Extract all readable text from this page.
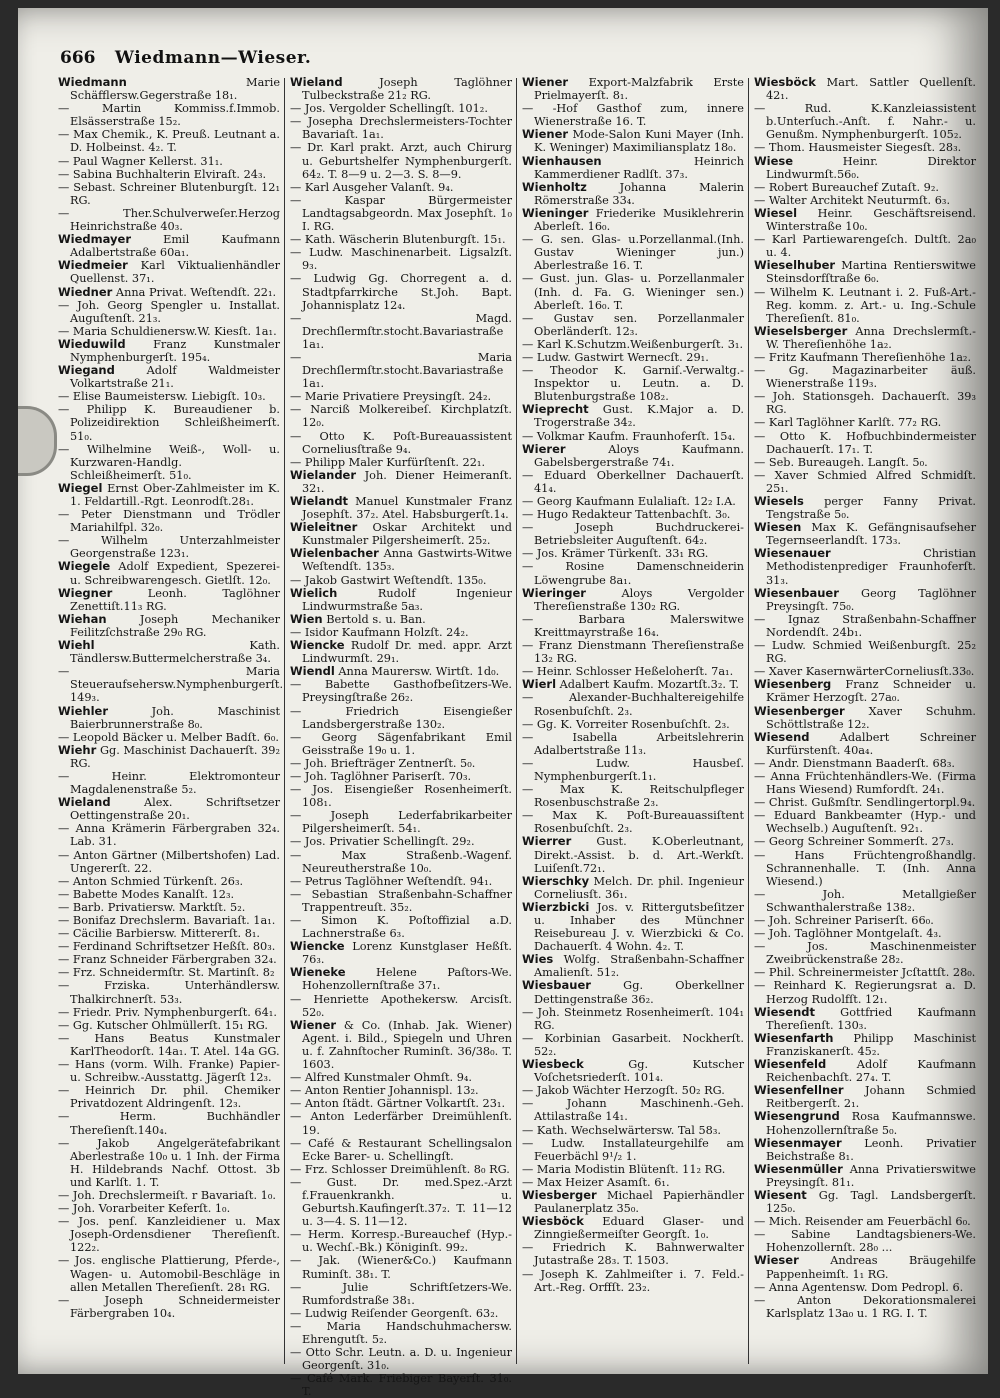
666 Wiedmann—Wieser.

Wiedmann Marie Schäfflersw.Gegerstraße 18₁.

— Martin Kommiss.f.Immob. Elsässerstraße 15₂.

— Max Chemik., K. Preuß. Leutnant a. D. Holbeinst. 4₂. T.

— Paul Wagner Kellerst. 31₁.

— Sabina Buchhalterin Elviraſt. 24₃.

— Sebast. Schreiner Blutenburgſt. 12₁ RG.

— Ther.Schulverweſer.Herzog Heinrichstraße 40₃.

Wiedmayer Emil Kaufmann Adalbertstraße 60a₁.

Wiedmeier Karl Viktualienhändler Quellenst. 37₁.

Wiedner Anna Privat. Weſtendſt. 22₁.

— Joh. Georg Spengler u. Installat. Auguſtenſt. 21₃.

— Maria Schuldienersw.W. Kiesſt. 1a₁.

Wieduwild Franz Kunstmaler Nymphenburgerſt. 195₄.

Wiegand Adolf Waldmeister Volkartstraße 21₁.

— Elise Baumeistersw. Liebigſt. 10₃.

— Philipp K. Bureaudiener b. Polizeidirektion Schleißheimerſt. 51₀.

— Wilhelmine Weiß-, Woll- u. Kurzwaren-Handlg. Schleißheimerſt. 51₀.

Wiegel Ernst Ober-Zahlmeister im K. 1. Feldartill.-Rgt. Leonrodſt.28₁.

— Peter Dienstmann und Trödler Mariahilfpl. 32₀.

— Wilhelm Unterzahlmeister Georgenstraße 123₁.

Wiegele Adolf Expedient, Spezerei- u. Schreibwarengesch. Gietlſt. 12₀.

Wiegner Leonh. Taglöhner Zenettiſt.11₃ RG.

Wiehan Joseph Mechaniker Feilitzſchstraße 29₀ RG.

Wiehl Kath. Tändlersw.Buttermelcherstraße 3₄.

— Maria Steueraufsehersw.Nymphenburgerſt. 149₃.

Wiehler Joh. Maschinist Baierbrunnerstraße 8₀.

— Leopold Bäcker u. Melber Badſt. 6₀.

Wiehr Gg. Maschinist Dachauerſt. 39₂ RG.

— Heinr. Elektromonteur Magdalenenstraße 5₂.

Wieland Alex. Schriftsetzer Oettingenstraße 20₁.

— Anna Krämerin Färbergraben 32₄. Lab. 31.

— Anton Gärtner (Milbertshofen) Lad. Ungererſt. 22.

— Anton Schmied Türkenſt. 26₃.

— Babette Modes Kanalſt. 12₃.

— Barb. Privatiersw. Marktſt. 5₂.

— Bonifaz Drechslerm. Bavariaſt. 1a₁.

— Cäcilie Barbiersw. Mittererſt. 8₁.

— Ferdinand Schriftsetzer Heßſt. 80₃.

— Franz Schneider Färbergraben 32₄.

— Frz. Schneidermſtr. St. Martinſt. 8₂

— Frziska. Unterhändlersw. Thalkirchnerſt. 53₃.

— Friedr. Priv. Nymphenburgerſt. 64₁.

— Gg. Kutscher Ohlmüllerſt. 15₁ RG.

— Hans Beatus Kunstmaler KarlTheodorſt. 14a₁. T. Atel. 14a GG.

— Hans (vorm. Wilh. Franke) Papier- u. Schreibw.-Ausstattg. Jägerſt 12₃.

— Heinrich Dr. phil. Chemiker Privatdozent Aldringenſt. 12₃.

— Herm. Buchhändler Thereſienſt.140₄.

— Jakob Angelgerätefabrikant Aberlestraße 10₀ u. 1 Inh. der Firma H. Hildebrands Nachf. Ottost. 3b und Karlſt. 1. T.

— Joh. Drechslermeiſt. r Bavariaſt. 1₀.

— Joh. Vorarbeiter Keferſt. 1₀.

— Jos. penſ. Kanzleidiener u. Max Joseph-Ordensdiener Thereſienſt. 122₂.

— Jos. englische Plattierung, Pferde-, Wagen- u. Automobil-Beschläge in allen Metallen Thereſienſt. 28₁ RG.

— Joseph Schneidermeister Färbergraben 10₄.

Wieland Joseph Taglöhner Tulbeckstraße 21₂ RG.

— Jos. Vergolder Schellingſt. 101₂.

— Josepha Drechslermeisters-Tochter Bavariaſt. 1a₁.

— Dr. Karl prakt. Arzt, auch Chirurg u. Geburtshelfer Nymphenburgerſt. 64₂. T. 8—9 u. 2—3. S. 8—9.

— Karl Ausgeher Valanſt. 9₄.

— Kaspar Bürgermeister Landtagsabgeordn. Max Josephſt. 1₀ I. RG.

— Kath. Wäscherin Blutenburgſt. 15₁.

— Ludw. Maschinenarbeit. Ligsalzſt. 9₃.

— Ludwig Gg. Chorregent a. d. Stadtpfarrkirche St.Joh. Bapt. Johannisplatz 12₄.

— Magd. Drechſlermſtr.stocht.Bavariastraße 1a₁.

— Maria Drechſlermſtr.stocht.Bavariastraße 1a₁.

— Marie Privatiere Preysingſt. 24₂.

— Narciß Molkereibeſ. Kirchplatzſt. 12₀.

— Otto K. Poſt-Bureauassistent Corneliusſtraße 9₄.

— Philipp Maler Kurfürſtenſt. 22₁.

Wielander Joh. Diener Heimeranſt. 32₁.

Wielandt Manuel Kunstmaler Franz Josephſt. 37₂. Atel. Habsburgerſt.1₄.

Wieleitner Oskar Architekt und Kunstmaler Pilgersheimerſt. 25₂.

Wielenbacher Anna Gastwirts-Witwe Weſtendſt. 135₃.

— Jakob Gastwirt Weſtendſt. 135₀.

Wielich Rudolf Ingenieur Lindwurmstraße 5a₃.

Wien Bertold s. u. Ban.

— Isidor Kaufmann Holzſt. 24₂.

Wiencke Rudolf Dr. med. appr. Arzt Lindwurmſt. 29₁.

Wiendl Anna Maurersw. Wirtſt. 1d₀.

— Babette Gasthofbeſitzers-We. Preysingſtraße 26₂.

— Friedrich Eisengießer Landsbergerstraße 130₂.

— Georg Sägenfabrikant Emil Geisstraße 19₀ u. 1.

— Joh. Briefträger Zentnerſt. 5₀.

— Joh. Taglöhner Pariserſt. 70₃.

— Jos. Eisengießer Rosenheimerſt. 108₁.

— Joseph Lederfabrikarbeiter Pilgersheimerſt. 54₁.

— Jos. Privatier Schellingſt. 29₂.

— Max Straßenb.-Wagenf. Neureutherstraße 10₀.

— Petrus Taglöhner Weſtendſt. 94₁.

— Sebastian Straßenbahn-Schaffner Trappentreuſt. 35₂.

— Simon K. Poſtoffizial a.D. Lachnerstraße 6₃.

Wiencke Lorenz Kunstglaser Heßſt. 76₃.

Wieneke Helene Paſtors-We. Hohenzollernſtraße 37₁.

— Henriette Apothekersw. Arcisſt. 52₀.

Wiener & Co. (Inhab. Jak. Wiener) Agent. i. Bild., Spiegeln und Uhren u. f. Zahnſtocher Ruminſt. 36/38₀. T. 1603.

— Alfred Kunstmaler Ohmſt. 9₄.

— Anton Rentier Johannispl. 13₂.

— Anton ſtädt. Gärtner Volkartſt. 23₁.

— Anton Lederfärber Dreimühlenſt. 19.

— Café & Restaurant Schellingsalon Ecke Barer- u. Schellingſt.

— Frz. Schlosser Dreimühlenſt. 8₀ RG.

— Gust. Dr. med.Spez.-Arzt f.Frauenkrankh. u. Geburtsh.Kaufingerſt.37₂. T. 11—12 u. 3—4. S. 11—12.

— Herm. Korresp.-Bureauchef (Hyp.- u. Wechſ.-Bk.) Königinſt. 99₂.

— Jak. (Wiener&Co.) Kaufmann Ruminſt. 38₁. T.

— Julie Schriftſetzers-We. Rumfordstraße 38₁.

— Ludwig Reiſender Georgenſt. 63₂.

— Maria Handschuhmachersw. Ehrengutſt. 5₂.

— Otto Schr. Leutn. a. D. u. Ingenieur Georgenſt. 31₀.

— Café Mark. Friebiger Bayerſt. 31₀. T.

Wiener Export-Malzfabrik Erste Prielmayerſt. 8₁.

— -Hof Gasthof zum, innere Wienerstraße 16. T.

Wiener Mode-Salon Kuni Mayer (Inh. K. Weninger) Maximiliansplatz 18₀.

Wienhausen Heinrich Kammerdiener Radlſt. 37₃.

Wienholtz Johanna Malerin Römerstraße 33₄.

Wieninger Friederike Musiklehrerin Aberleſt. 16₀.

— G. sen. Glas- u.Porzellanmal.(Inh. Gustav Wieninger jun.) Aberlestraße 16. T.

— Gust. jun. Glas- u. Porzellanmaler (Inh. d. Fa. G. Wieninger sen.) Aberleſt. 16₀. T.

— Gustav sen. Porzellanmaler Oberländerſt. 12₃.

— Karl K.Schutzm.Weißenburgerſt. 3₁.

— Ludw. Gastwirt Wernecſt. 29₁.

— Theodor K. Garniſ.-Verwaltg.-Inspektor u. Leutn. a. D. Blutenburgstraße 108₂.

Wieprecht Gust. K.Major a. D. Trogerstraße 34₂.

— Volkmar Kaufm. Fraunhoferſt. 15₄.

Wierer Aloys Kaufmann. Gabelsbergerstraße 74₁.

— Eduard Oberkellner Dachauerſt. 41₄.

— Georg Kaufmann Eulaliaſt. 12₂ I.A.

— Hugo Redakteur Tattenbachſt. 3₀.

— Joseph Buchdruckerei-Betriebsleiter Auguſtenſt. 64₂.

— Jos. Krämer Türkenſt. 33₁ RG.

— Rosine Damenschneiderin Löwengrube 8a₁.

Wieringer Aloys Vergolder Thereſienstraße 130₂ RG.

— Barbara Malerswitwe Kreittmayrstraße 16₄.

— Franz Dienstmann Thereſienstraße 13₂ RG.

— Heinr. Schlosser Heßeloherſt. 7a₁.

Wierl Adalbert Kaufm. Mozartſt.3₂. T.

— Alexander-Buchhaltereigehilfe Rosenbuſchſt. 2₃.

— Gg. K. Vorreiter Rosenbuſchſt. 2₃.

— Isabella Arbeitslehrerin Adalbertstraße 11₃.

— Ludw. Hausbeſ. Nymphenburgerſt.1₁.

— Max K. Reitschulpfleger Rosenbuschstraße 2₃.

— Max K. Poſt-Bureauassiſtent Rosenbuſchſt. 2₃.

Wierrer Gust. K.Oberleutnant, Direkt.-Assist. b. d. Art.-Werkſt. Luiſenſt.72₁.

Wierschky Melch. Dr. phil. Ingenieur Corneliusſt. 36₁.

Wierzbicki Jos. v. Rittergutsbeſitzer u. Inhaber des Münchner Reisebureau J. v. Wierzbicki & Co. Dachauerſt. 4 Wohn. 4₂. T.

Wies Wolfg. Straßenbahn-Schaffner Amalienſt. 51₂.

Wiesbauer Gg. Oberkellner Dettingenstraße 36₂.

— Joh. Steinmetz Rosenheimerſt. 104₁ RG.

— Korbinian Gasarbeit. Nockherſt. 52₂.

Wiesbeck Gg. Kutscher Voſchetsriederſt. 101₄.

— Jakob Wächter Herzogſt. 50₂ RG.

— Johann Maschinenh.-Geh. Attilastraße 14₁.

— Kath. Wechselwärtersw. Tal 58₃.

— Ludw. Installateurgehilfe am Feuerbächl 9¹/₂ 1.

— Maria Modistin Blütenſt. 11₂ RG.

— Max Heizer Asamſt. 6₁.

Wiesberger Michael Papierhändler Paulanerplatz 35₀.

Wiesböck Eduard Glaser- und Zinngießermeiſter Georgſt. 1₀.

— Friedrich K. Bahnwerwalter Jutastraße 28₃. T. 1503.

— Joseph K. Zahlmeiſter i. 7. Feld.-Art.-Reg. Orffſt. 23₂.

Wiesböck Mart. Sattler Quellenſt. 42₁.

— Rud. K.Kanzleiassistent b.Unterſuch.-Anſt. f. Nahr.- u. Genußm. Nymphenburgerſt. 105₂.

— Thom. Hausmeister Siegesſt. 28₃.

Wiese Heinr. Direktor Lindwurmſt.56₀.

— Robert Bureauchef Zutaſt. 9₂.

— Walter Architekt Neuturmſt. 6₃.

Wiesel Heinr. Geschäftsreisend. Winterstraße 10₀.

— Karl Partiewarengeſch. Dultſt. 2a₀ u. 4.

Wieselhuber Martina Rentierswitwe Steinsdorfſtraße 6₀.

— Wilhelm K. Leutnant i. 2. Fuß-Art.-Reg. komm. z. Art.- u. Ing.-Schule Thereſienſt. 81₀.

Wieselsberger Anna Drechslermſt.-W. Thereſienhöhe 1a₂.

— Fritz Kaufmann Thereſienhöhe 1a₂.

— Gg. Magazinarbeiter äuß. Wienerstraße 119₃.

— Joh. Stationsgeh. Dachauerſt. 39₃ RG.

— Karl Taglöhner Karlſt. 77₂ RG.

— Otto K. Hofbuchbindermeister Dachauerſt. 17₁. T.

— Seb. Bureaugeh. Langſt. 5₀.

— Xaver Schmied Alfred Schmidſt. 25₁.

Wiesels perger Fanny Privat. Tengstraße 5₀.

Wiesen Max K. Gefängnisaufseher Tegernseerlandſt. 173₃.

Wiesenauer Christian Methodistenprediger Fraunhoferſt. 31₃.

Wiesenbauer Georg Taglöhner Preysingſt. 75₀.

— Ignaz Straßenbahn-Schaffner Nordendſt. 24b₁.

— Ludw. Schmied Weißenburgſt. 25₂ RG.

— Xaver KasernwärterCorneliusſt.33₀.

Wiesenberg Franz Schneider u. Krämer Herzogſt. 27a₀.

Wiesenberger Xaver Schuhm. Schöttlstraße 12₂.

Wiesend Adalbert Schreiner Kurfürstenſt. 40a₄.

— Andr. Dienstmann Baaderſt. 68₃.

— Anna Früchtenhändlers-We. (Firma Hans Wiesend) Rumfordſt. 24₁.

— Christ. Gußmſtr. Sendlingertorpl.9₄.

— Eduard Bankbeamter (Hyp.- und Wechselb.) Auguſtenſt. 92₁.

— Georg Schreiner Sommerſt. 27₃.

— Hans Früchtengroßhandlg. Schrannenhalle. T. (Inh. Anna Wiesend.)

— Joh. Metallgießer Schwanthalerstraße 138₂.

— Joh. Schreiner Pariserſt. 66₀.

— Joh. Taglöhner Montgelaſt. 4₃.

— Jos. Maschinenmeister Zweibrückenstraße 28₂.

— Phil. Schreinermeister Jcſtattſt. 28₀.

— Reinhard K. Regierungsrat a. D. Herzog Rudolfſt. 12₁.

Wiesendt Gottfried Kaufmann Thereſienſt. 130₃.

Wiesenfarth Philipp Maschinist Franziskanerſt. 45₂.

Wiesenfeld Adolf Kaufmann Reichenbachſt. 27₄. T.

Wiesenfellner Johann Schmied Reitbergerſt. 2₁.

Wiesengrund Rosa Kaufmannswe. Hohenzollernſtraße 5₀.

Wiesenmayer Leonh. Privatier Beichstraße 8₁.

Wiesenmüller Anna Privatierswitwe Preysingſt. 81₁.

Wiesent Gg. Tagl. Landsbergerſt. 125₀.

— Mich. Reisender am Feuerbächl 6₀.

— Sabine Landtagsbieners-We. Hohenzollernſt. 28₀ ...

Wieser Andreas Bräugehilfe Pappenheimſt. 1₁ RG.

— Anna Agentensw. Dom Pedropl. 6.

— Anton Dekorationsmalerei Karlsplatz 13a₀ u. 1 RG. I. T.
